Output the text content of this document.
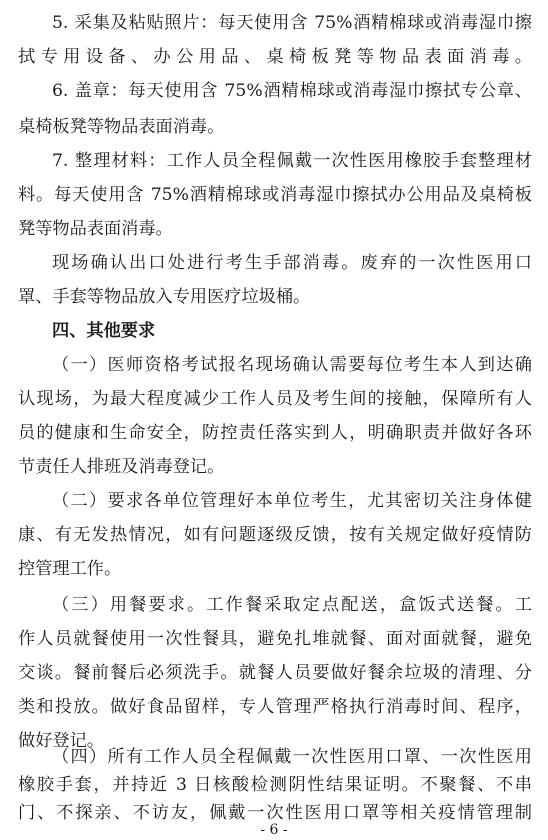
5. 采集及粘贴照片：每天使用含 75%酒精棉球或消毒湿巾擦
拭专用设备、办公用品、桌椅板凳等物品表面消毒。
6. 盖章：每天使用含 75%酒精棉球或消毒湿巾擦拭专公章、
桌椅板凳等物品表面消毒。
7. 整理材料：工作人员全程佩戴一次性医用橡胶手套整理材
料。每天使用含 75%酒精棉球或消毒湿巾擦拭办公用品及桌椅板
凳等物品表面消毒。
现场确认出口处进行考生手部消毒。废弃的一次性医用口
罩、手套等物品放入专用医疗垃圾桶。
四、其他要求
（一）医师资格考试报名现场确认需要每位考生本人到达确
认现场，为最大程度减少工作人员及考生间的接触，保障所有人
员的健康和生命安全，防控责任落实到人，明确职责并做好各环
节责任人排班及消毒登记。
（二）要求各单位管理好本单位考生，尤其密切关注身体健
康、有无发热情况，如有问题逐级反馈，按有关规定做好疫情防
控管理工作。
（三）用餐要求。工作餐采取定点配送，盒饭式送餐。工
作人员就餐使用一次性餐具，避免扎堆就餐、面对面就餐，避免
交谈。餐前餐后必须洗手。就餐人员要做好餐余垃圾的清理、分
类和投放。做好食品留样，专人管理严格执行消毒时间、程序，
做好登记。
（四）所有工作人员全程佩戴一次性医用口罩、一次性医用
橡胶手套，并持近 3 日核酸检测阴性结果证明。不聚餐、不串
- 6 -
门、不探亲、不访友，佩戴一次性医用口罩等相关疫情管理制
